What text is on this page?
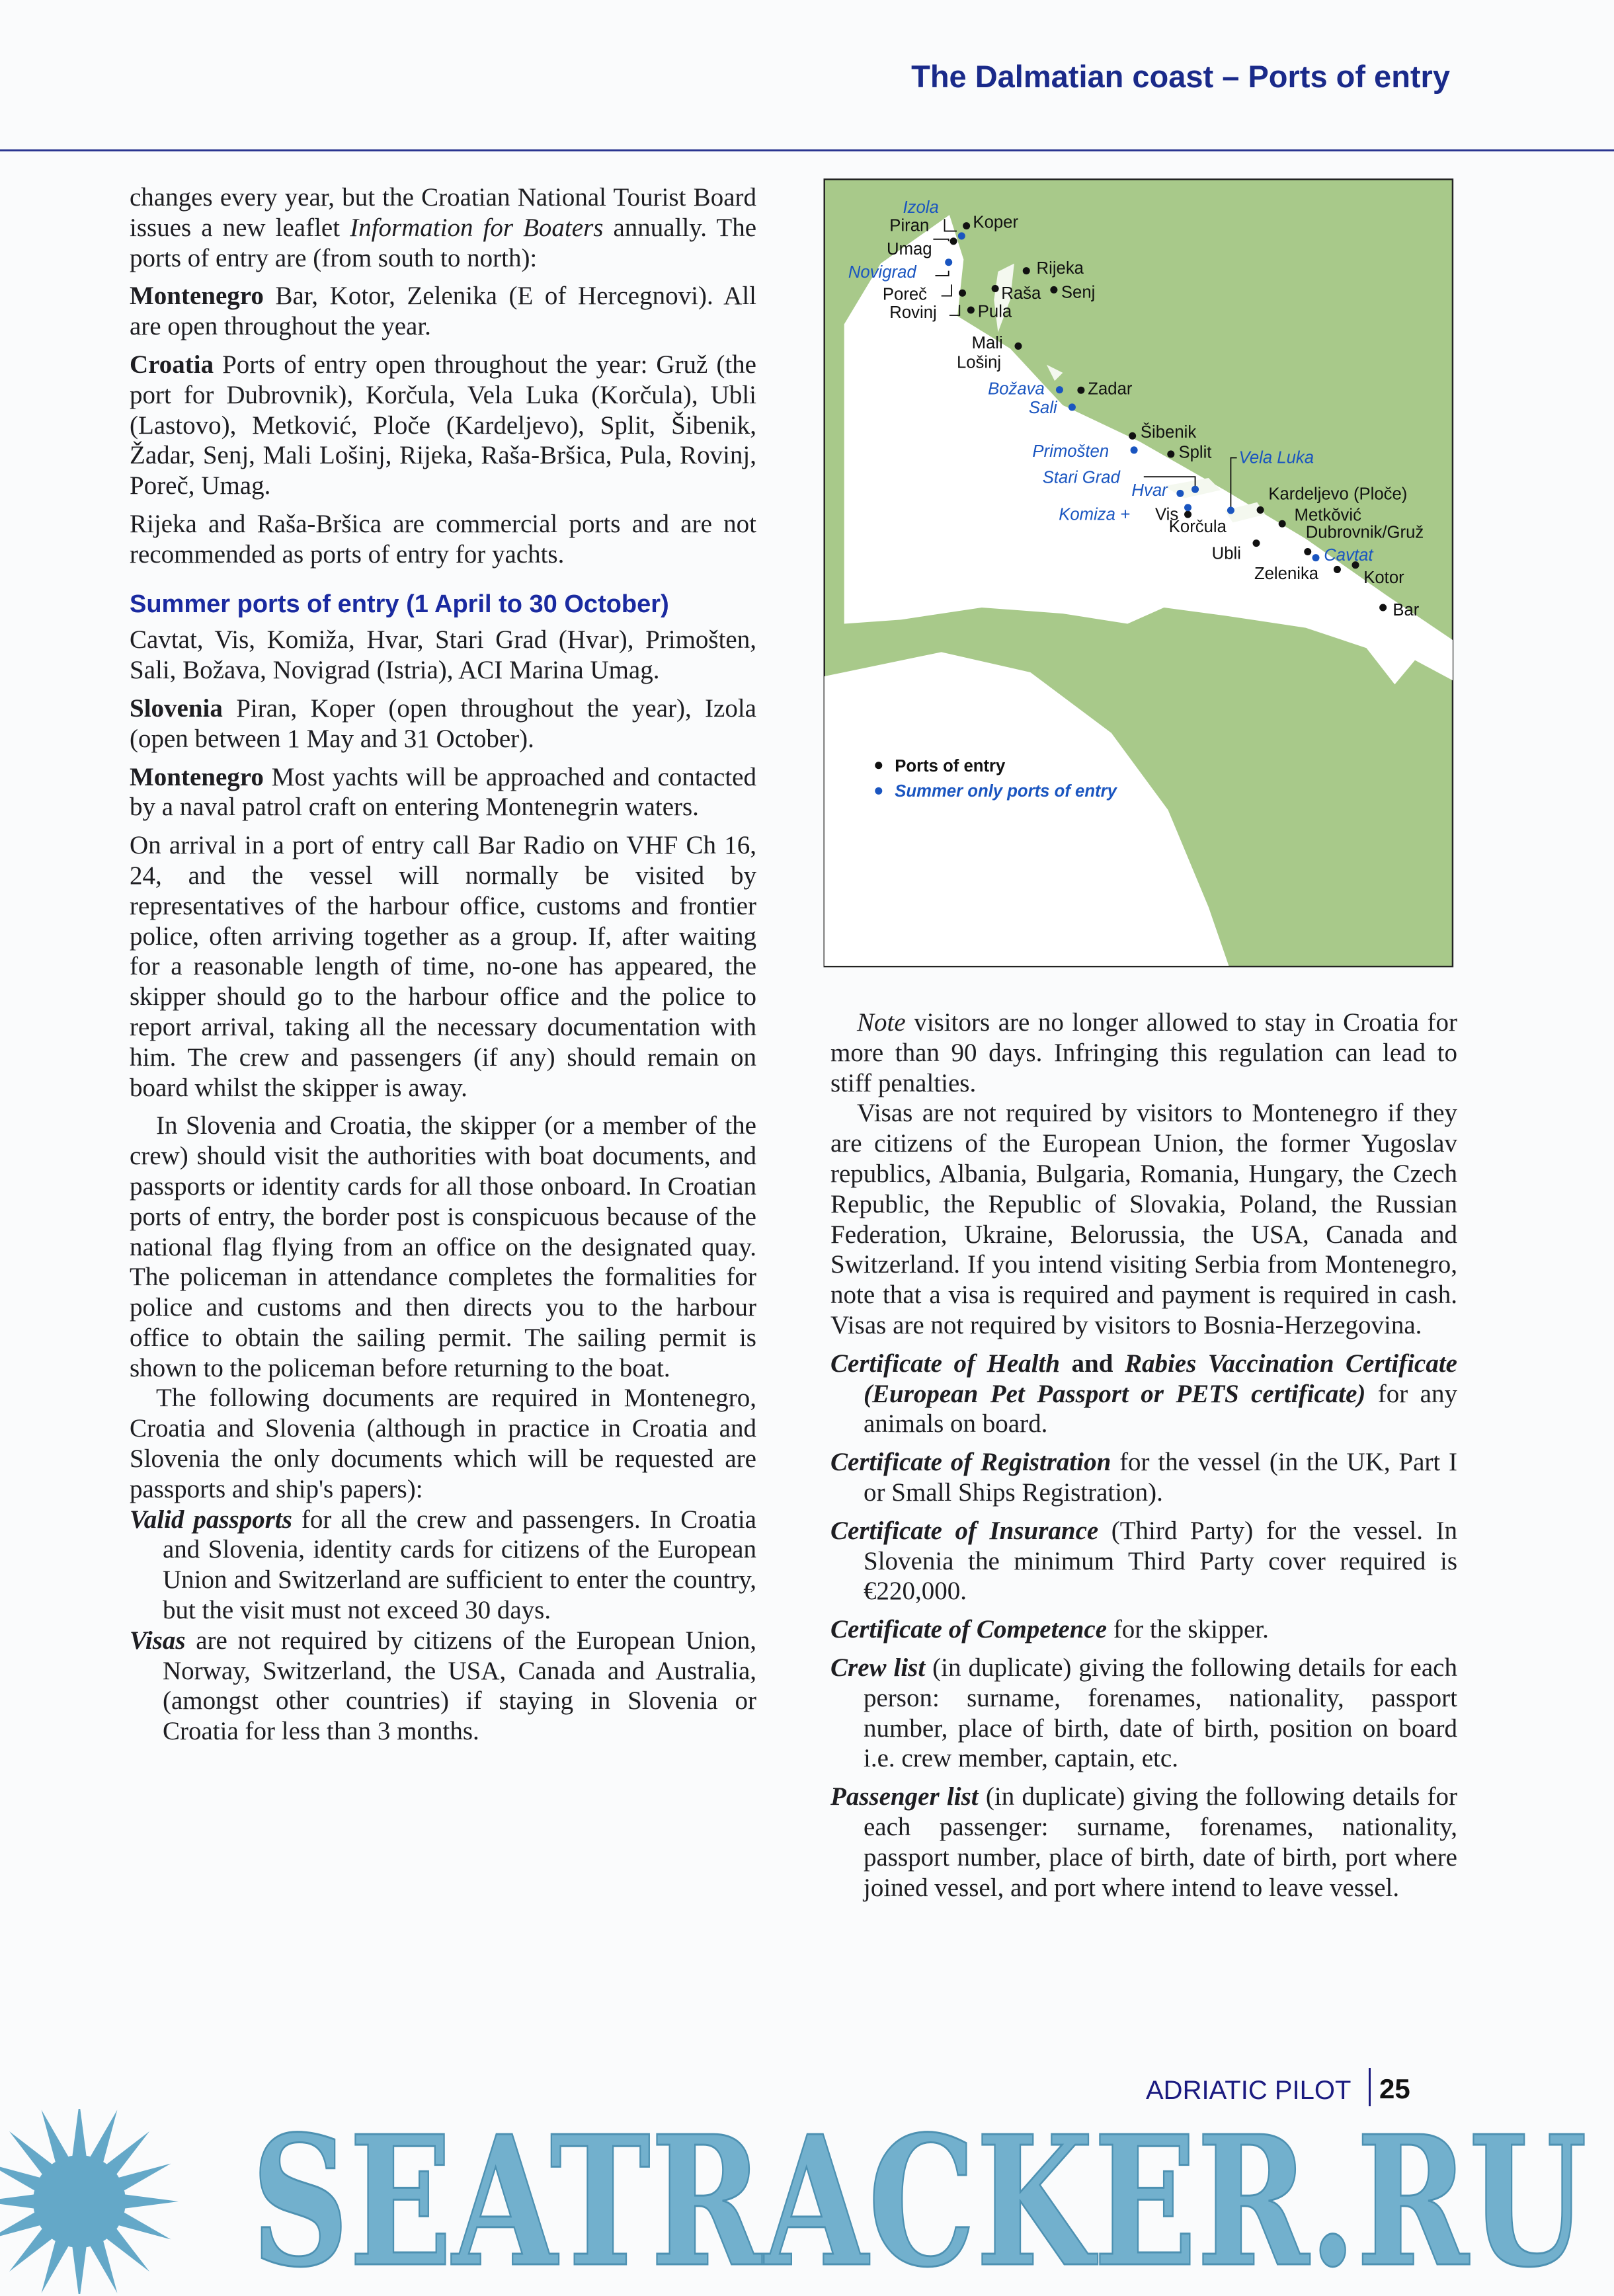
The Dalmatian coast – Ports of entry

changes every year, but the Croatian National Tourist Board issues a new leaflet Information for Boaters annually. The ports of entry are (from south to north):

Montenegro Bar, Kotor, Zelenika (E of Hercegnovi). All are open throughout the year.

Croatia Ports of entry open throughout the year: Gruž (the port for Dubrovnik), Korčula, Vela Luka (Korčula), Ubli (Lastovo), Metković, Ploče (Kardeljevo), Split, Šibenik, Žadar, Senj, Mali Lošinj, Rijeka, Raša-Bršica, Pula, Rovinj, Poreč, Umag.

Rijeka and Raša-Bršica are commercial ports and are not recommended as ports of entry for yachts.

Summer ports of entry (1 April to 30 October)

Cavtat, Vis, Komiža, Hvar, Stari Grad (Hvar), Primošten, Sali, Božava, Novigrad (Istria), ACI Marina Umag.

Slovenia Piran, Koper (open throughout the year), Izola (open between 1 May and 31 October).

Montenegro Most yachts will be approached and contacted by a naval patrol craft on entering Montenegrin waters.

On arrival in a port of entry call Bar Radio on VHF Ch 16, 24, and the vessel will normally be visited by representatives of the harbour office, customs and frontier police, often arriving together as a group. If, after waiting for a reasonable length of time, no-one has appeared, the skipper should go to the harbour office and the police to report arrival, taking all the necessary documentation with him. The crew and passengers (if any) should remain on board whilst the skipper is away.

In Slovenia and Croatia, the skipper (or a member of the crew) should visit the authorities with boat documents, and passports or identity cards for all those onboard. In Croatian ports of entry, the border post is conspicuous because of the national flag flying from an office on the designated quay. The policeman in attendance completes the formalities for police and customs and then directs you to the harbour office to obtain the sailing permit. The sailing permit is shown to the policeman before returning to the boat.

The following documents are required in Montenegro, Croatia and Slovenia (although in practice in Croatia and Slovenia the only documents which will be requested are passports and ship's papers):

Valid passports for all the crew and passengers. In Croatia and Slovenia, identity cards for citizens of the European Union and Switzerland are sufficient to enter the country, but the visit must not exceed 30 days.

Visas are not required by citizens of the European Union, Norway, Switzerland, the USA, Canada and Australia, (amongst other countries) if staying in Slovenia or Croatia for less than 3 months.

Koper
Piran
Umag
Poreč
Rovinj Pula
Rijeka
Raša Senj
Mali
Lošinj
Zadar
Šibenik
Split
Vis
Korčula
Kardeljevo (Ploče)
Metkŏvić
Ubli
Dubrovnik/Gruž
Zelenika Kotor
Bar
Izola
Novigrad
Božava
Sali
Primošten
Stari Grad
Vela Luka
Hvar
Komiza +
Cavtat
Ports of entry
Summer only ports of entry

Note visitors are no longer allowed to stay in Croatia for more than 90 days. Infringing this regulation can lead to stiff penalties.

Visas are not required by visitors to Montenegro if they are citizens of the European Union, the former Yugoslav republics, Albania, Bulgaria, Romania, Hungary, the Czech Republic, the Republic of Slovakia, Poland, the Russian Federation, Ukraine, Belorussia, the USA, Canada and Switzerland. If you intend visiting Serbia from Montenegro, note that a visa is required and payment is required in cash. Visas are not required by visitors to Bosnia-Herzegovina.

Certificate of Health and Rabies Vaccination Certificate (European Pet Passport or PETS certificate) for any animals on board.

Certificate of Registration for the vessel (in the UK, Part I or Small Ships Registration).

Certificate of Insurance (Third Party) for the vessel. In Slovenia the minimum Third Party cover required is €220,000.

Certificate of Competence for the skipper.

Crew list (in duplicate) giving the following details for each person: surname, forenames, nationality, passport number, place of birth, date of birth, position on board i.e. crew member, captain, etc.

Passenger list (in duplicate) giving the following details for each passenger: surname, forenames, nationality, passport number, place of birth, date of birth, port where joined vessel, and port where intend to leave vessel.

SEATRACKER.RU
ADRIATIC PILOT 25
